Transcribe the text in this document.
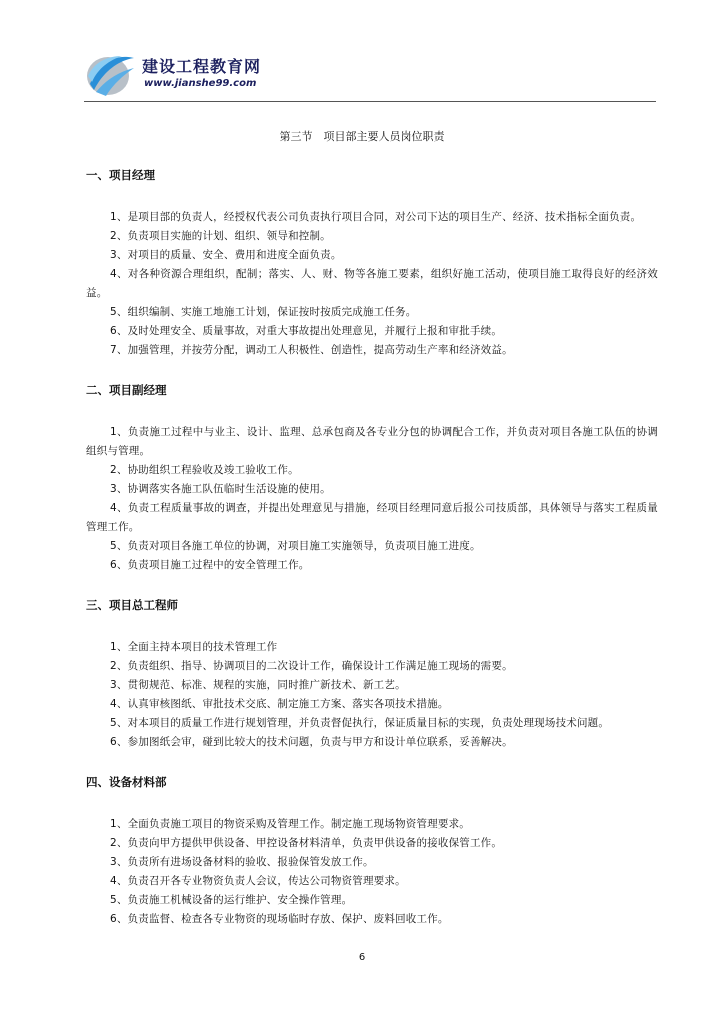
建设工程教育网
www.jianshe99.com
第三节　项目部主要人员岗位职责
一、项目经理
1、是项目部的负责人，经授权代表公司负责执行项目合同，对公司下达的项目生产、经济、技术指标全面负责。
2、负责项目实施的计划、组织、领导和控制。
3、对项目的质量、安全、费用和进度全面负责。
4、对各种资源合理组织，配制；落实、人、财、物等各施工要素，组织好施工活动，使项目施工取得良好的经济效益。
5、组织编制、实施工地施工计划，保证按时按质完成施工任务。
6、及时处理安全、质量事故，对重大事故提出处理意见，并履行上报和审批手续。
7、加强管理，并按劳分配，调动工人积极性、创造性，提高劳动生产率和经济效益。
二、项目副经理
1、负责施工过程中与业主、设计、监理、总承包商及各专业分包的协调配合工作，并负责对项目各施工队伍的协调组织与管理。
2、协助组织工程验收及竣工验收工作。
3、协调落实各施工队伍临时生活设施的使用。
4、负责工程质量事故的调查，并提出处理意见与措施，经项目经理同意后报公司技质部，具体领导与落实工程质量管理工作。
5、负责对项目各施工单位的协调，对项目施工实施领导，负责项目施工进度。
6、负责项目施工过程中的安全管理工作。
三、项目总工程师
1、全面主持本项目的技术管理工作
2、负责组织、指导、协调项目的二次设计工作，确保设计工作满足施工现场的需要。
3、贯彻规范、标准、规程的实施，同时推广新技术、新工艺。
4、认真审核图纸、审批技术交底、制定施工方案、落实各项技术措施。
5、对本项目的质量工作进行规划管理，并负责督促执行，保证质量目标的实现，负责处理现场技术问题。
6、参加图纸会审，碰到比较大的技术问题，负责与甲方和设计单位联系，妥善解决。
四、设备材料部
1、全面负责施工项目的物资采购及管理工作。制定施工现场物资管理要求。
2、负责向甲方提供甲供设备、甲控设备材料清单，负责甲供设备的接收保管工作。
3、负责所有进场设备材料的验收、报验保管发放工作。
4、负责召开各专业物资负责人会议，传达公司物资管理要求。
5、负责施工机械设备的运行维护、安全操作管理。
6、负责监督、检查各专业物资的现场临时存放、保护、废料回收工作。
6
